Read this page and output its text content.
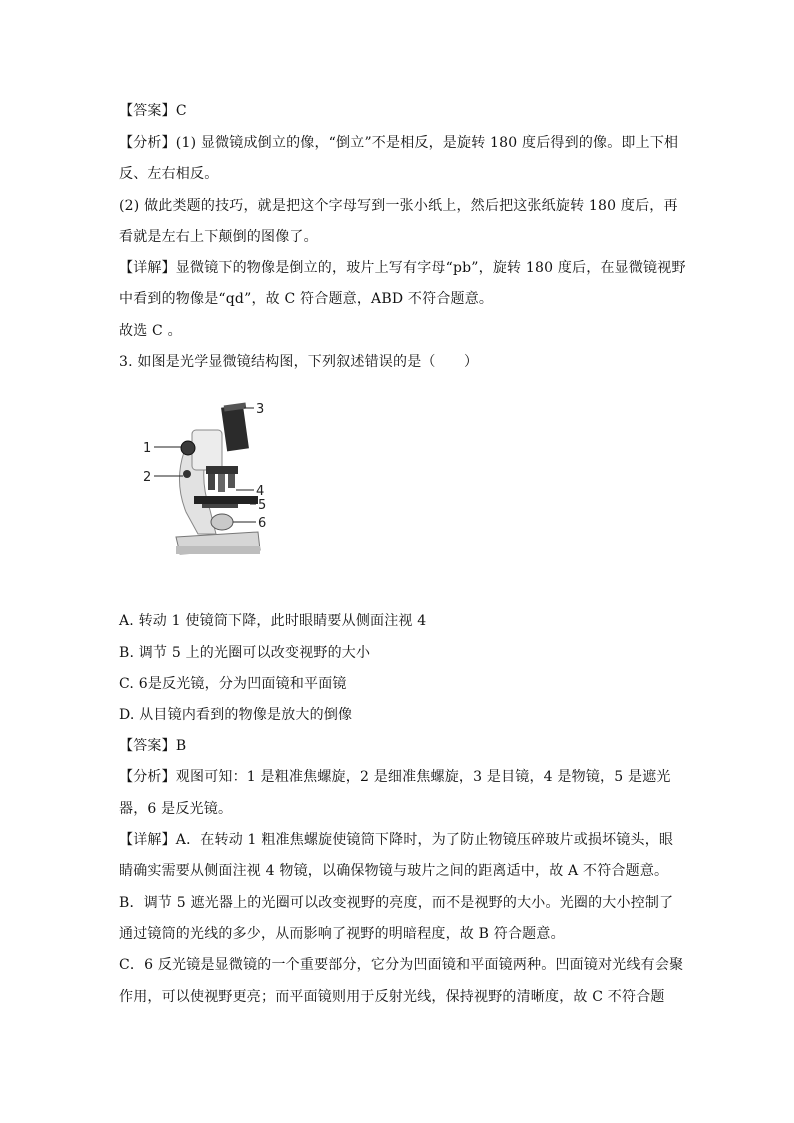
【答案】C
【分析】(1) 显微镜成倒立的像，“倒立”不是相反，是旋转 180 度后得到的像。即上下相
反、左右相反。
(2) 做此类题的技巧，就是把这个字母写到一张小纸上，然后把这张纸旋转 180 度后，再
看就是左右上下颠倒的图像了。
【详解】显微镜下的物像是倒立的，玻片上写有字母“pb”，旋转 180 度后，在显微镜视野
中看到的物像是“qd”，故 C 符合题意，ABD 不符合题意。
故选 C 。
3. 如图是光学显微镜结构图，下列叙述错误的是（　　）
1
2
3
4
5
6
A. 转动 1 使镜筒下降，此时眼睛要从侧面注视 4
B. 调节 5 上的光圈可以改变视野的大小
C. 6是反光镜，分为凹面镜和平面镜
D. 从目镜内看到的物像是放大的倒像
【答案】B
【分析】观图可知：1 是粗准焦螺旋，2 是细准焦螺旋，3 是目镜，4 是物镜，5 是遮光
器，6 是反光镜。
【详解】A．在转动 1 粗准焦螺旋使镜筒下降时，为了防止物镜压碎玻片或损坏镜头，眼
睛确实需要从侧面注视 4 物镜，以确保物镜与玻片之间的距离适中，故 A 不符合题意。
B．调节 5 遮光器上的光圈可以改变视野的亮度，而不是视野的大小。光圈的大小控制了
通过镜筒的光线的多少，从而影响了视野的明暗程度，故 B 符合题意。
C．6 反光镜是显微镜的一个重要部分，它分为凹面镜和平面镜两种。凹面镜对光线有会聚
作用，可以使视野更亮；而平面镜则用于反射光线，保持视野的清晰度，故 C 不符合题
